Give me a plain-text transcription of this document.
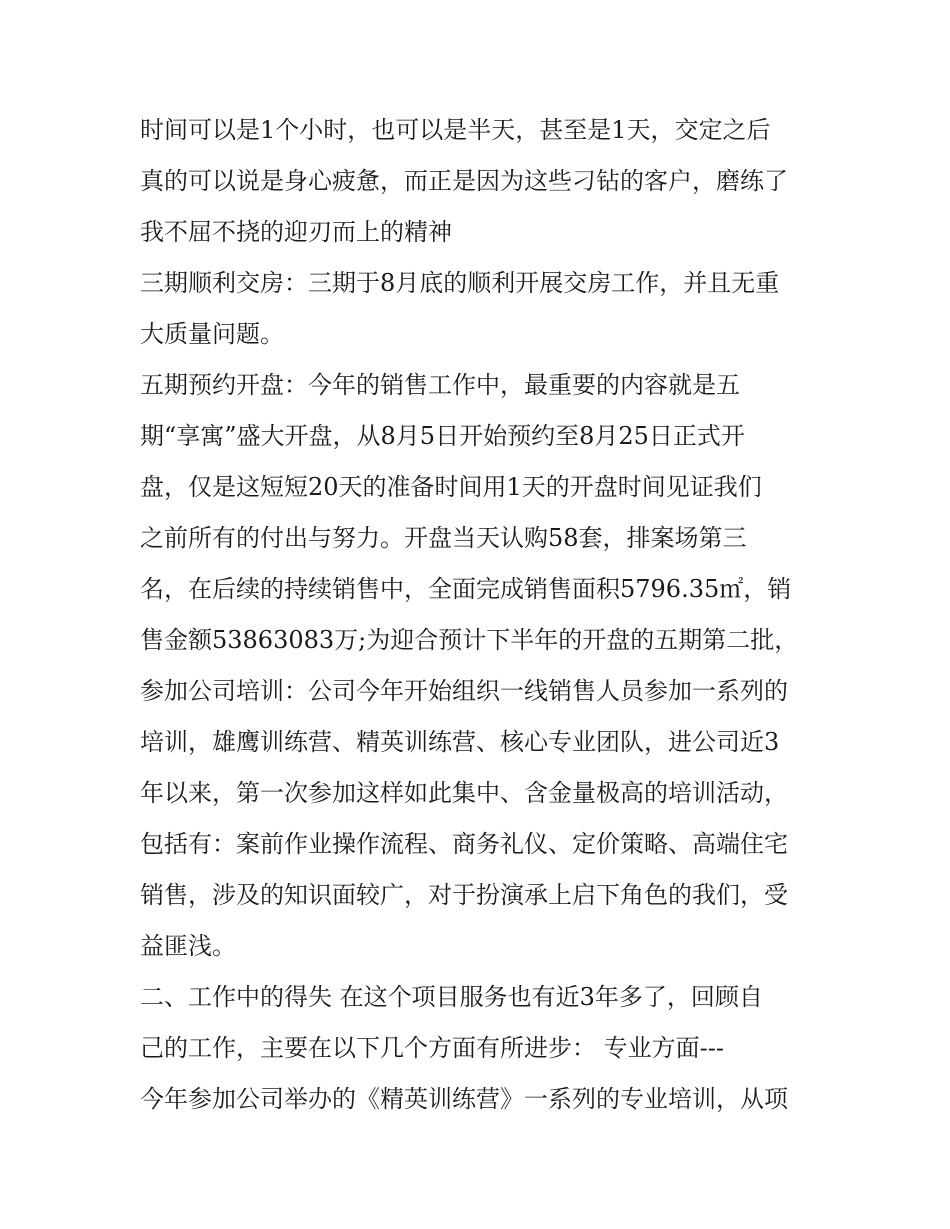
时间可以是1个小时，也可以是半天，甚至是1天，交定之后
真的可以说是身心疲惫，而正是因为这些刁钻的客户，磨练了
我不屈不挠的迎刃而上的精神
三期顺利交房：三期于8月底的顺利开展交房工作，并且无重
大质量问题。
五期预约开盘：今年的销售工作中，最重要的内容就是五
期“享寓”盛大开盘，从8月5日开始预约至8月25日正式开
盘，仅是这短短20天的准备时间用1天的开盘时间见证我们
之前所有的付出与努力。开盘当天认购58套，排案场第三
名，在后续的持续销售中，全面完成销售面积5796.35㎡，销
售金额53863083万;为迎合预计下半年的开盘的五期第二批，
参加公司培训：公司今年开始组织一线销售人员参加一系列的
培训，雄鹰训练营、精英训练营、核心专业团队，进公司近3
年以来，第一次参加这样如此集中、含金量极高的培训活动，
包括有：案前作业操作流程、商务礼仪、定价策略、高端住宅
销售，涉及的知识面较广，对于扮演承上启下角色的我们，受
益匪浅。
二、工作中的得失 在这个项目服务也有近3年多了，回顾自
己的工作，主要在以下几个方面有所进步： 专业方面---
今年参加公司举办的《精英训练营》一系列的专业培训，从项
